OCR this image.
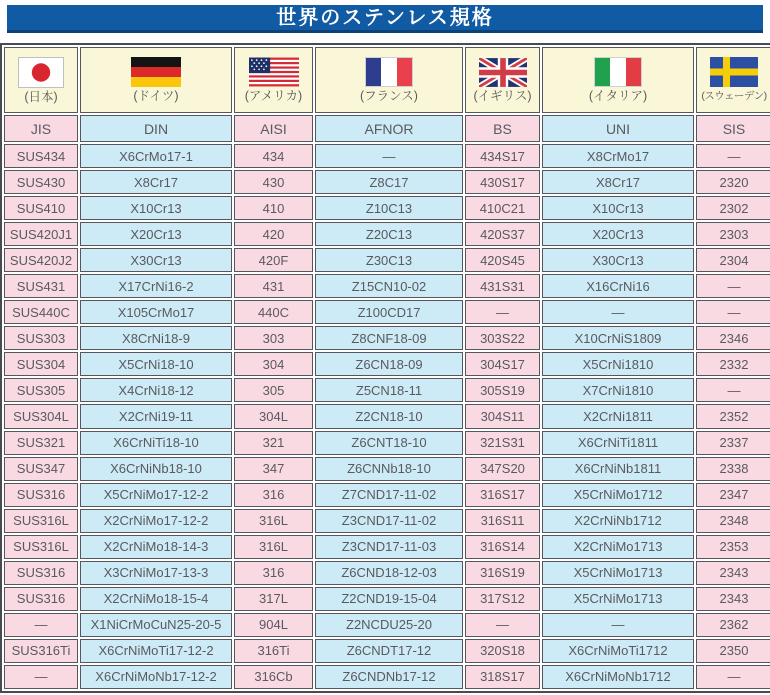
世界のステンレス規格
(日本)	(ドイツ)	(アメリカ)	(フランス)	(イギリス)	(イタリア)	(スウェーデン)

JIS	DIN	AISI	AFNOR	BS	UNI	SIS
SUS434	X6CrMo17-1	434	―	434S17	X8CrMo17	―
SUS430	X8Cr17	430	Z8C17	430S17	X8Cr17	2320
SUS410	X10Cr13	410	Z10C13	410C21	X10Cr13	2302
SUS420J1	X20Cr13	420	Z20C13	420S37	X20Cr13	2303
SUS420J2	X30Cr13	420F	Z30C13	420S45	X30Cr13	2304
SUS431	X17CrNi16-2	431	Z15CN10-02	431S31	X16CrNi16	―
SUS440C	X105CrMo17	440C	Z100CD17	―	―	―
SUS303	X8CrNi18-9	303	Z8CNF18-09	303S22	X10CrNiS1809	2346
SUS304	X5CrNi18-10	304	Z6CN18-09	304S17	X5CrNi1810	2332
SUS305	X4CrNi18-12	305	Z5CN18-11	305S19	X7CrNi1810	―
SUS304L	X2CrNi19-11	304L	Z2CN18-10	304S11	X2CrNi1811	2352
SUS321	X6CrNiTi18-10	321	Z6CNT18-10	321S31	X6CrNiTi1811	2337
SUS347	X6CrNiNb18-10	347	Z6CNNb18-10	347S20	X6CrNiNb1811	2338
SUS316	X5CrNiMo17-12-2	316	Z7CND17-11-02	316S17	X5CrNiMo1712	2347
SUS316L	X2CrNiMo17-12-2	316L	Z3CND17-11-02	316S11	X2CrNiNb1712	2348
SUS316L	X2CrNiMo18-14-3	316L	Z3CND17-11-03	316S14	X2CrNiMo1713	2353
SUS316	X3CrNiMo17-13-3	316	Z6CND18-12-03	316S19	X5CrNiMo1713	2343
SUS316	X2CrNiMo18-15-4	317L	Z2CND19-15-04	317S12	X5CrNiMo1713	2343
―	X1NiCrMoCuN25-20-5	904L	Z2NCDU25-20	―	―	2362
SUS316Ti	X6CrNiMoTi17-12-2	316Ti	Z6CNDT17-12	320S18	X6CrNiMoTi1712	2350
―	X6CrNiMoNb17-12-2	316Cb	Z6CNDNb17-12	318S17	X6CrNiMoNb1712	―
